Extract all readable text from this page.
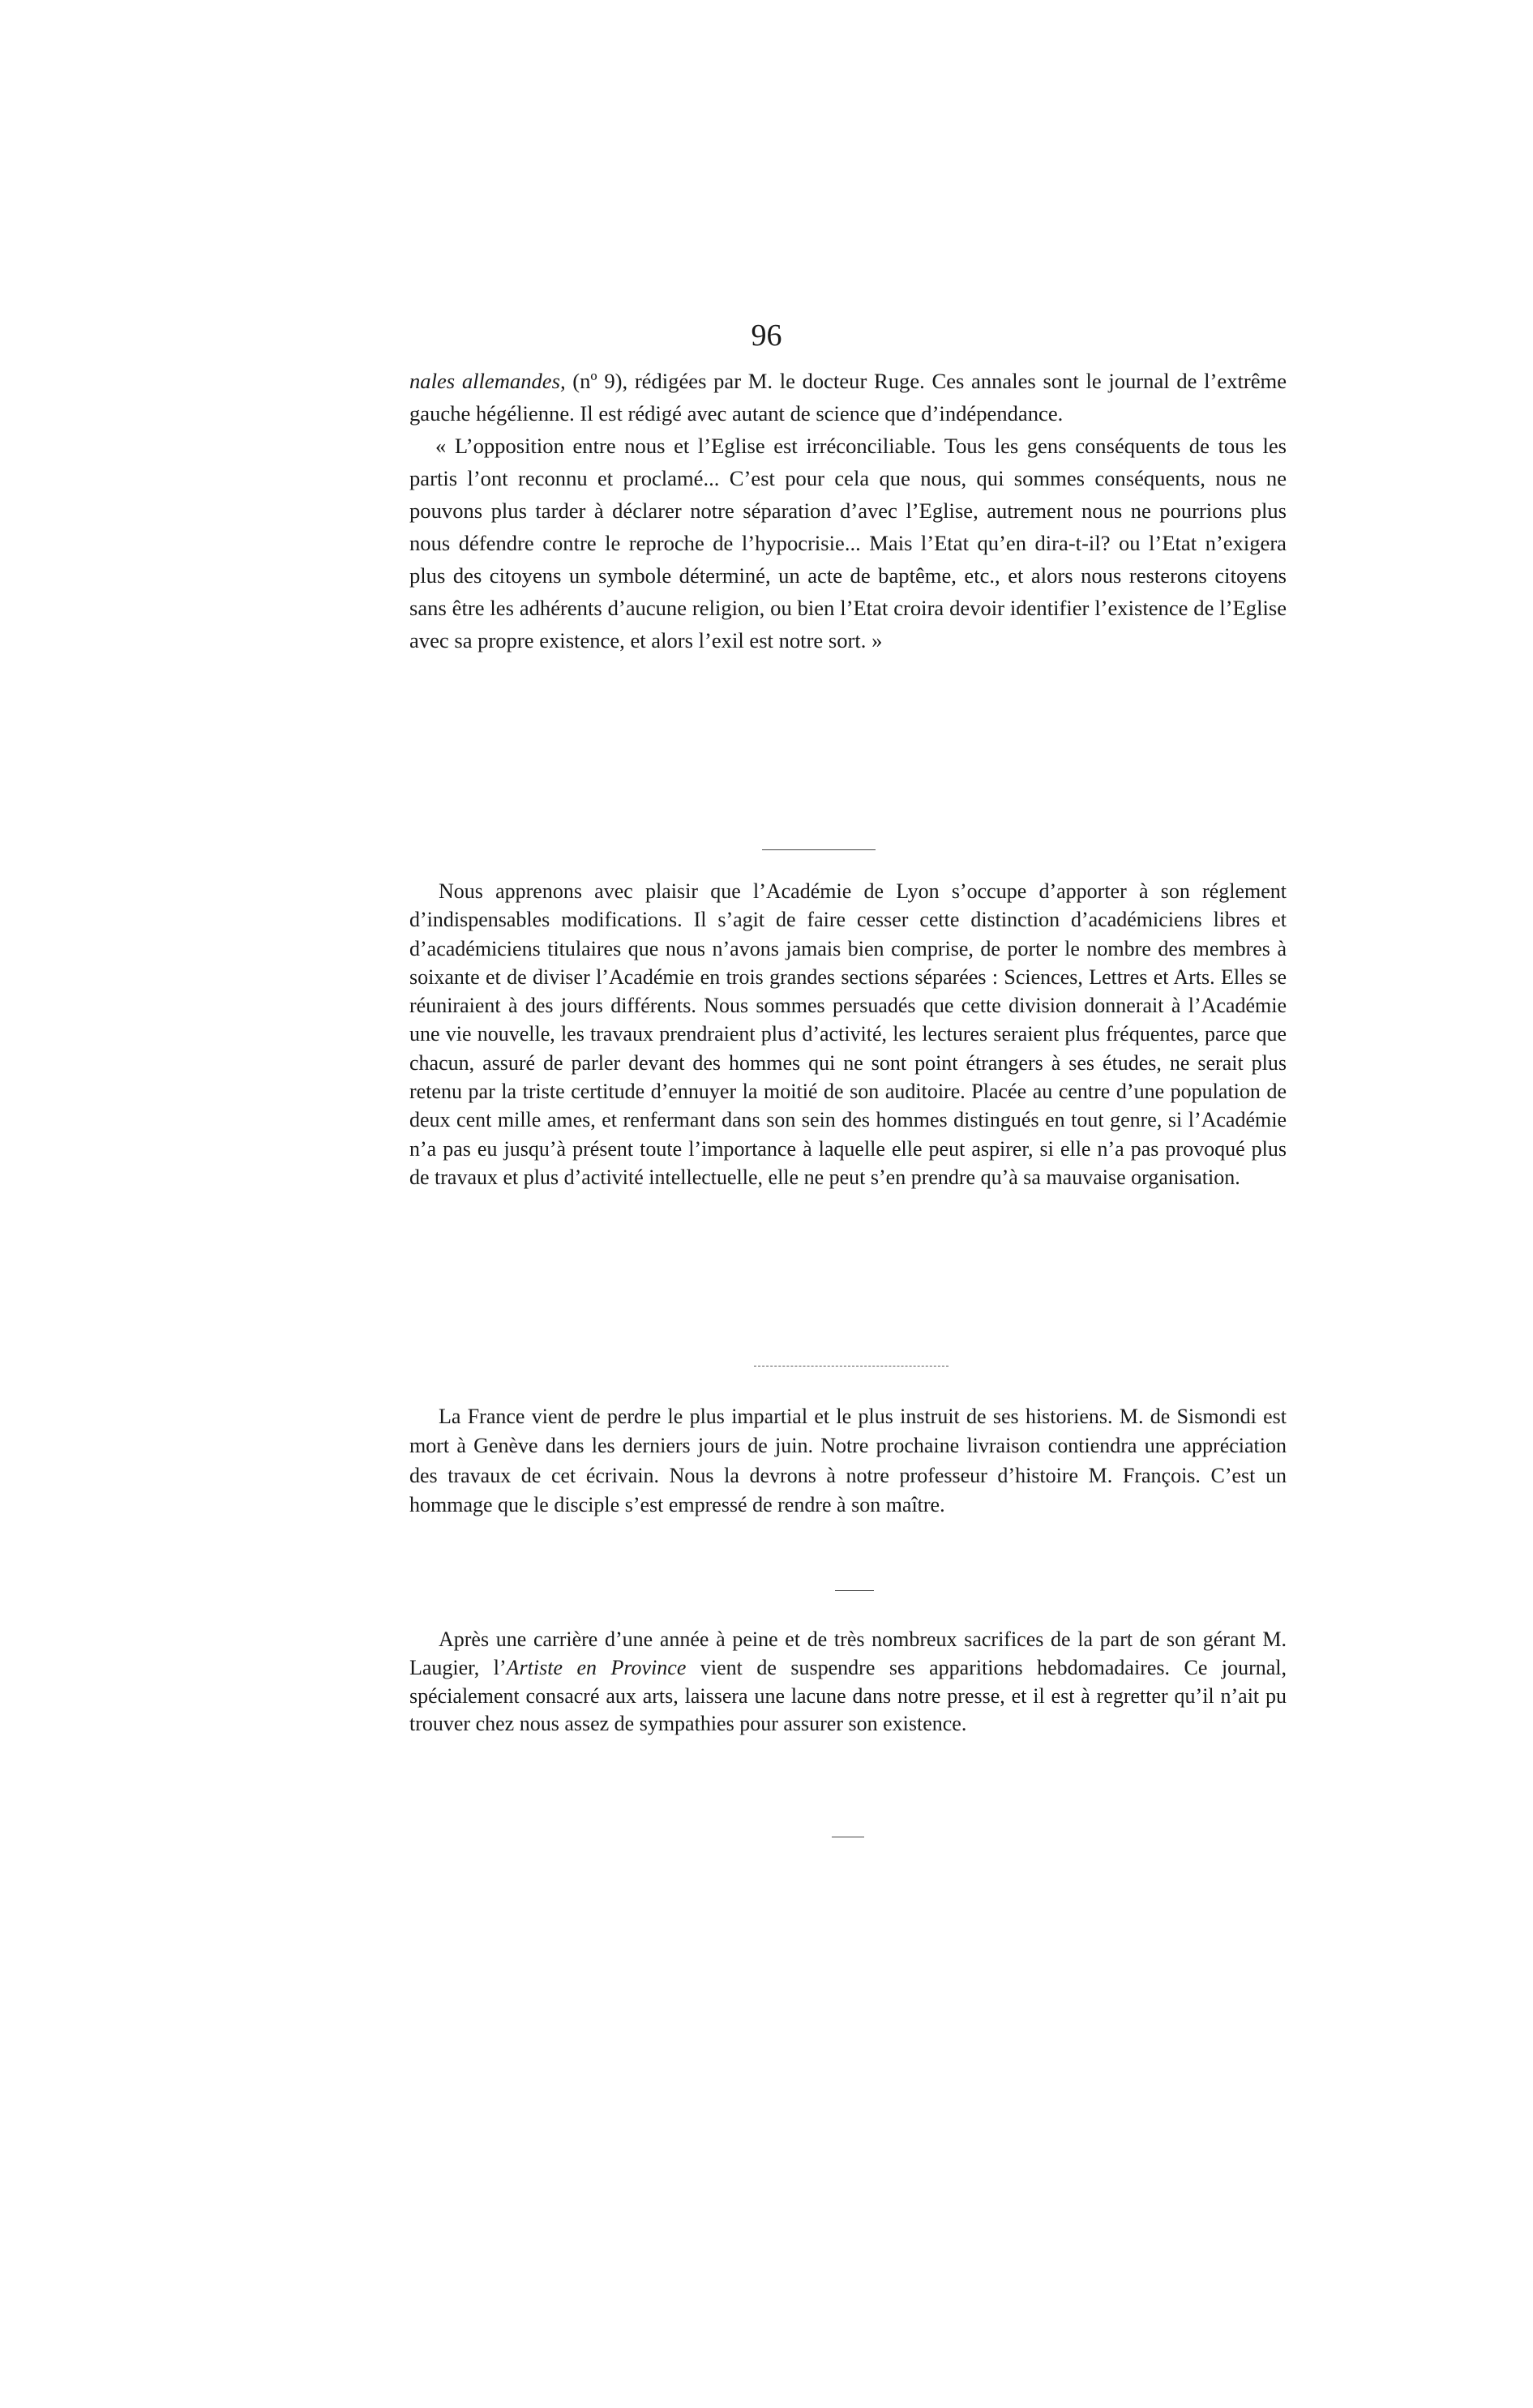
96

nales allemandes, (nº 9), rédigées par M. le docteur Ruge. Ces annales sont le journal de l’extrême gauche hégélienne. Il est rédigé avec autant de science que d’indépendance.

« L’opposition entre nous et l’Eglise est irréconciliable. Tous les gens conséquents de tous les partis l’ont reconnu et proclamé... C’est pour cela que nous, qui sommes conséquents, nous ne pouvons plus tarder à déclarer notre séparation d’avec l’Eglise, autrement nous ne pourrions plus nous défendre contre le reproche de l’hypocrisie... Mais l’Etat qu’en dira-t-il? ou l’Etat n’exigera plus des citoyens un symbole déterminé, un acte de baptême, etc., et alors nous resterons citoyens sans être les adhérents d’aucune religion, ou bien l’Etat croira devoir identifier l’existence de l’Eglise avec sa propre existence, et alors l’exil est notre sort. »

Nous apprenons avec plaisir que l’Académie de Lyon s’occupe d’apporter à son réglement d’indispensables modifications. Il s’agit de faire cesser cette distinction d’académiciens libres et d’académiciens titulaires que nous n’avons jamais bien comprise, de porter le nombre des membres à soixante et de diviser l’Académie en trois grandes sections séparées : Sciences, Lettres et Arts. Elles se réuniraient à des jours différents. Nous sommes persuadés que cette division donnerait à l’Académie une vie nouvelle, les travaux prendraient plus d’activité, les lectures seraient plus fréquentes, parce que chacun, assuré de parler devant des hommes qui ne sont point étrangers à ses études, ne serait plus retenu par la triste certitude d’ennuyer la moitié de son auditoire. Placée au centre d’une population de deux cent mille ames, et renfermant dans son sein des hommes distingués en tout genre, si l’Académie n’a pas eu jusqu’à présent toute l’importance à laquelle elle peut aspirer, si elle n’a pas provoqué plus de travaux et plus d’activité intellectuelle, elle ne peut s’en prendre qu’à sa mauvaise organisation.

La France vient de perdre le plus impartial et le plus instruit de ses historiens. M. de Sismondi est mort à Genève dans les derniers jours de juin. Notre prochaine livraison contiendra une appréciation des travaux de cet écrivain. Nous la devrons à notre professeur d’histoire M. François. C’est un hommage que le disciple s’est empressé de rendre à son maître.

Après une carrière d’une année à peine et de très nombreux sacrifices de la part de son gérant M. Laugier, l’Artiste en Province vient de suspendre ses apparitions hebdomadaires. Ce journal, spécialement consacré aux arts, laissera une lacune dans notre presse, et il est à regretter qu’il n’ait pu trouver chez nous assez de sympathies pour assurer son existence.
